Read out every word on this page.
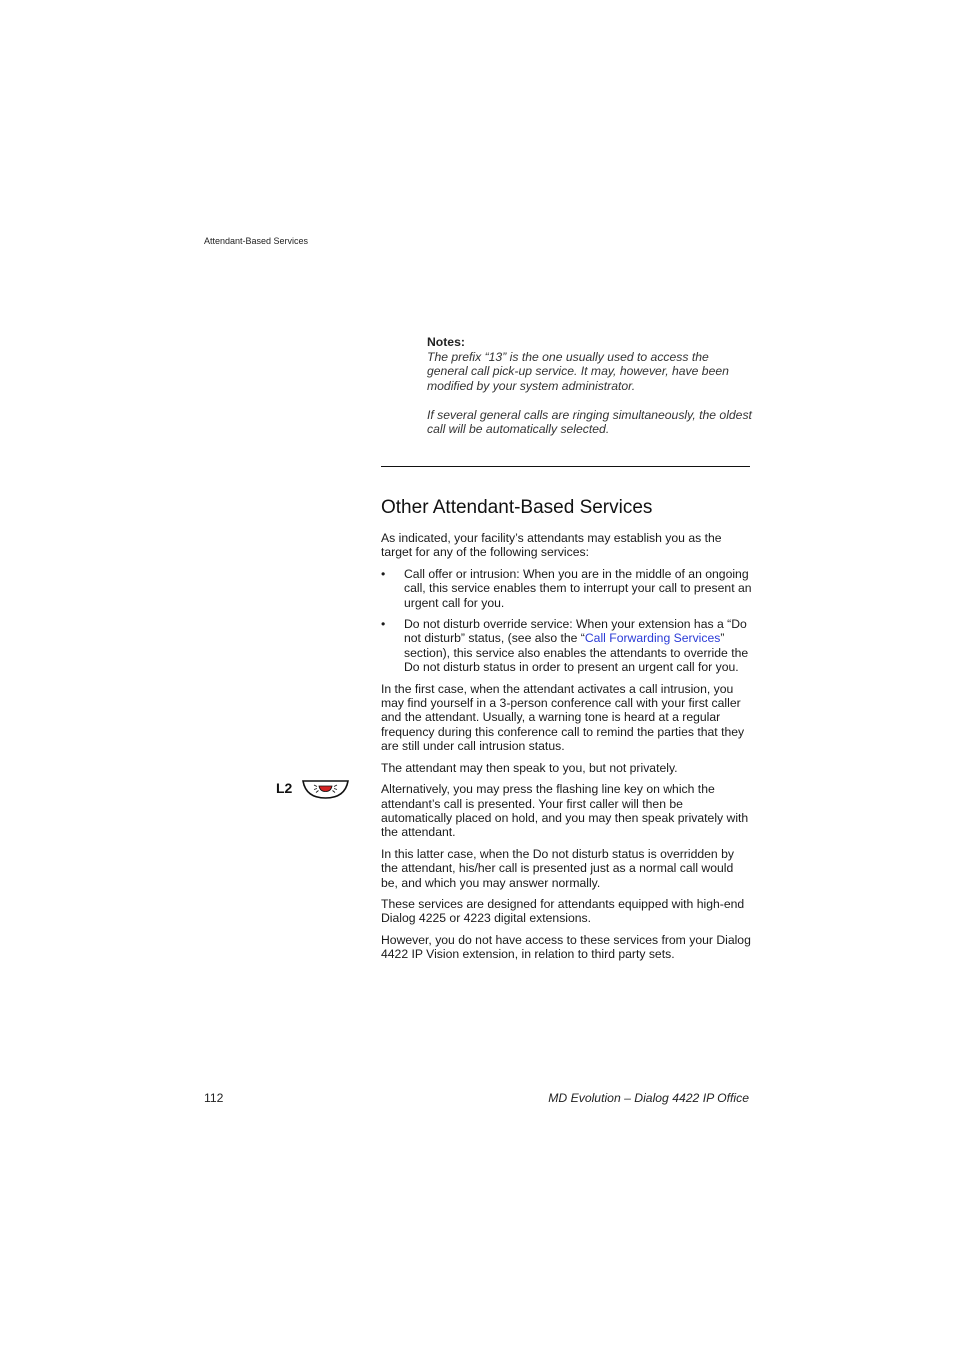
Attendant-Based Services
Notes:

The prefix “13” is the one usually used to access the general call pick-up service. It may, however, have been modified by your system administrator.

If several general calls are ringing simultaneously, the oldest call will be automatically selected.

Other Attendant-Based Services

As indicated, your facility’s attendants may establish you as the target for any of the following services:

• Call offer or intrusion: When you are in the middle of an ongoing call, this service enables them to interrupt your call to present an urgent call for you.
• Do not disturb override service: When your extension has a “Do not disturb” status, (see also the “Call Forwarding Services” section), this service also enables the attendants to override the Do not disturb status in order to present an urgent call for you.

In the first case, when the attendant activates a call intrusion, you may find yourself in a 3-person conference call with your first caller and the attendant. Usually, a warning tone is heard at a regular frequency during this conference call to remind the parties that they are still under call intrusion status.

The attendant may then speak to you, but not privately.

Alternatively, you may press the flashing line key on which the attendant’s call is presented. Your first caller will then be automatically placed on hold, and you may then speak privately with the attendant.

In this latter case, when the Do not disturb status is overridden by the attendant, his/her call is presented just as a normal call would be, and which you may answer normally.

These services are designed for attendants equipped with high-end Dialog 4225 or 4223 digital extensions.

However, you do not have access to these services from your Dialog 4422 IP Vision extension, in relation to third party sets.

L2
112	MD Evolution – Dialog 4422 IP Office
